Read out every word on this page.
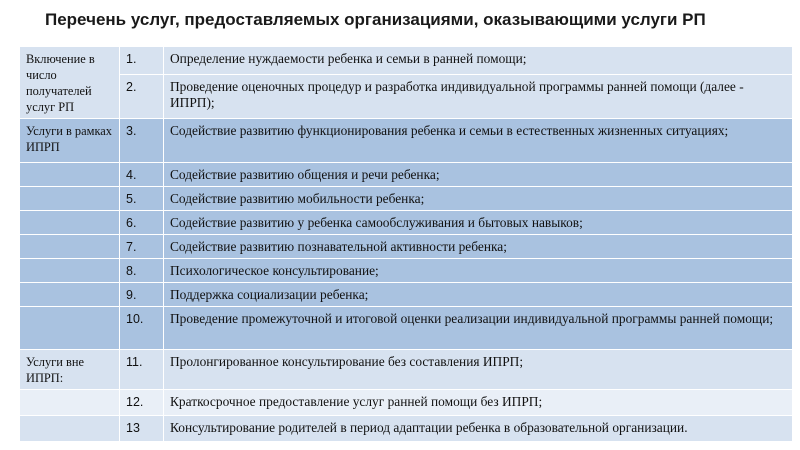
Перечень услуг, предоставляемых организациями, оказывающими услуги РП
Включение в число получателей услуг РП	1.	Определение нуждаемости ребенка и семьи в ранней помощи;
	2.	Проведение оценочных процедур и разработка индивидуальной программы ранней помощи (далее - ИПРП);
Услуги в рамках ИПРП	3.	Содействие развитию функционирования ребенка и семьи в естественных жизненных ситуациях;
	4.	Содействие развитию общения и речи ребенка;
	5.	Содействие развитию мобильности ребенка;
	6.	Содействие развитию у ребенка самообслуживания и бытовых навыков;
	7.	Содействие развитию познавательной активности ребенка;
	8.	Психологическое консультирование;
	9.	Поддержка социализации ребенка;
	10.	Проведение промежуточной и итоговой оценки реализации индивидуальной программы ранней помощи;
Услуги вне ИПРП:	11.	Пролонгированное консультирование без составления ИПРП;
	12.	Краткосрочное предоставление услуг ранней помощи без ИПРП;
	13	Консультирование родителей в период адаптации ребенка в образовательной организации.
